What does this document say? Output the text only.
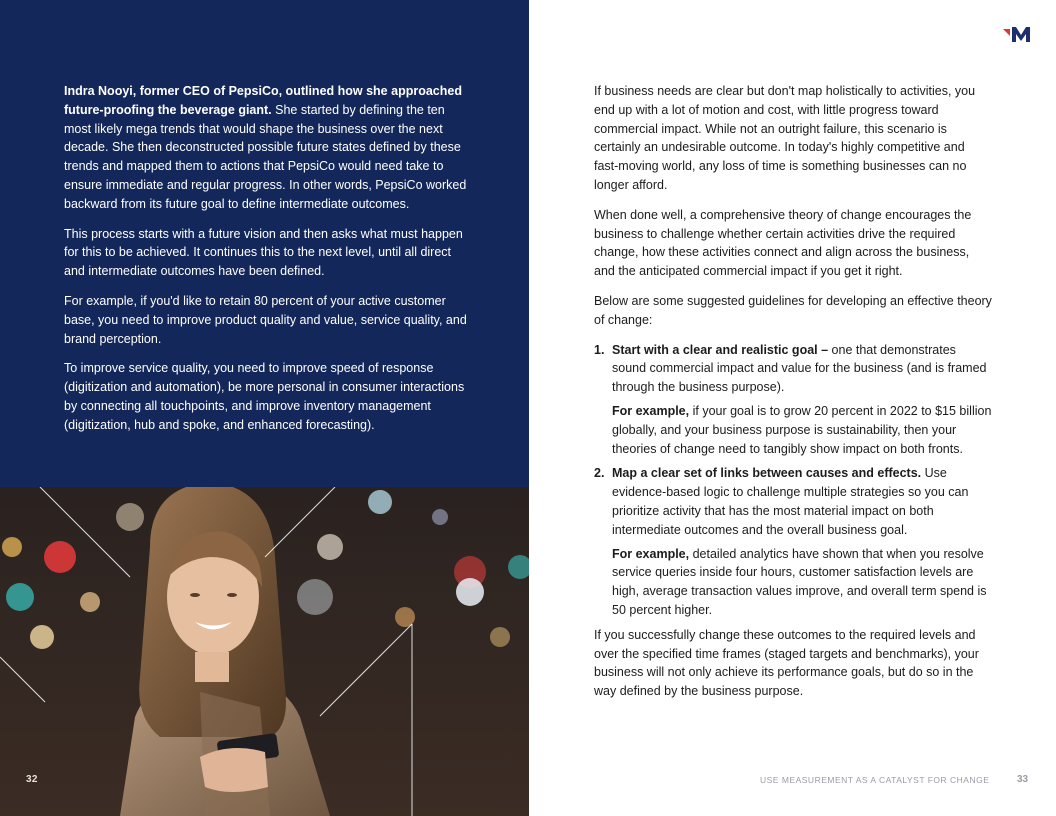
Indra Nooyi, former CEO of PepsiCo, outlined how she approached future-proofing the beverage giant. She started by defining the ten most likely mega trends that would shape the business over the next decade. She then deconstructed possible future states defined by these trends and mapped them to actions that PepsiCo would need take to ensure immediate and regular progress. In other words, PepsiCo worked backward from its future goal to define intermediate outcomes.

This process starts with a future vision and then asks what must happen for this to be achieved. It continues this to the next level, until all direct and intermediate outcomes have been defined.

For example, if you'd like to retain 80 percent of your active customer base, you need to improve product quality and value, service quality, and brand perception.

To improve service quality, you need to improve speed of response (digitization and automation), be more personal in consumer interactions by connecting all touchpoints, and improve inventory management (digitization, hub and spoke, and enhanced forecasting).

32

If business needs are clear but don't map holistically to activities, you end up with a lot of motion and cost, with little progress toward commercial impact. While not an outright failure, this scenario is certainly an undesirable outcome. In today's highly competitive and fast-moving world, any loss of time is something businesses can no longer afford.

When done well, a comprehensive theory of change encourages the business to challenge whether certain activities drive the required change, how these activities connect and align across the business, and the anticipated commercial impact if you get it right.

Below are some suggested guidelines for developing an effective theory of change:

1. Start with a clear and realistic goal – one that demonstrates sound commercial impact and value for the business (and is framed through the business purpose).

For example, if your goal is to grow 20 percent in 2022 to $15 billion globally, and your business purpose is sustainability, then your theories of change need to tangibly show impact on both fronts.

2. Map a clear set of links between causes and effects. Use evidence-based logic to challenge multiple strategies so you can prioritize activity that has the most material impact on both intermediate outcomes and the overall business goal.

For example, detailed analytics have shown that when you resolve service queries inside four hours, customer satisfaction levels are high, average transaction values improve, and overall term spend is 50 percent higher.

If you successfully change these outcomes to the required levels and over the specified time frames (staged targets and benchmarks), your business will not only achieve its performance goals, but do so in the way defined by the business purpose.

USE MEASUREMENT AS A CATALYST FOR CHANGE	33
